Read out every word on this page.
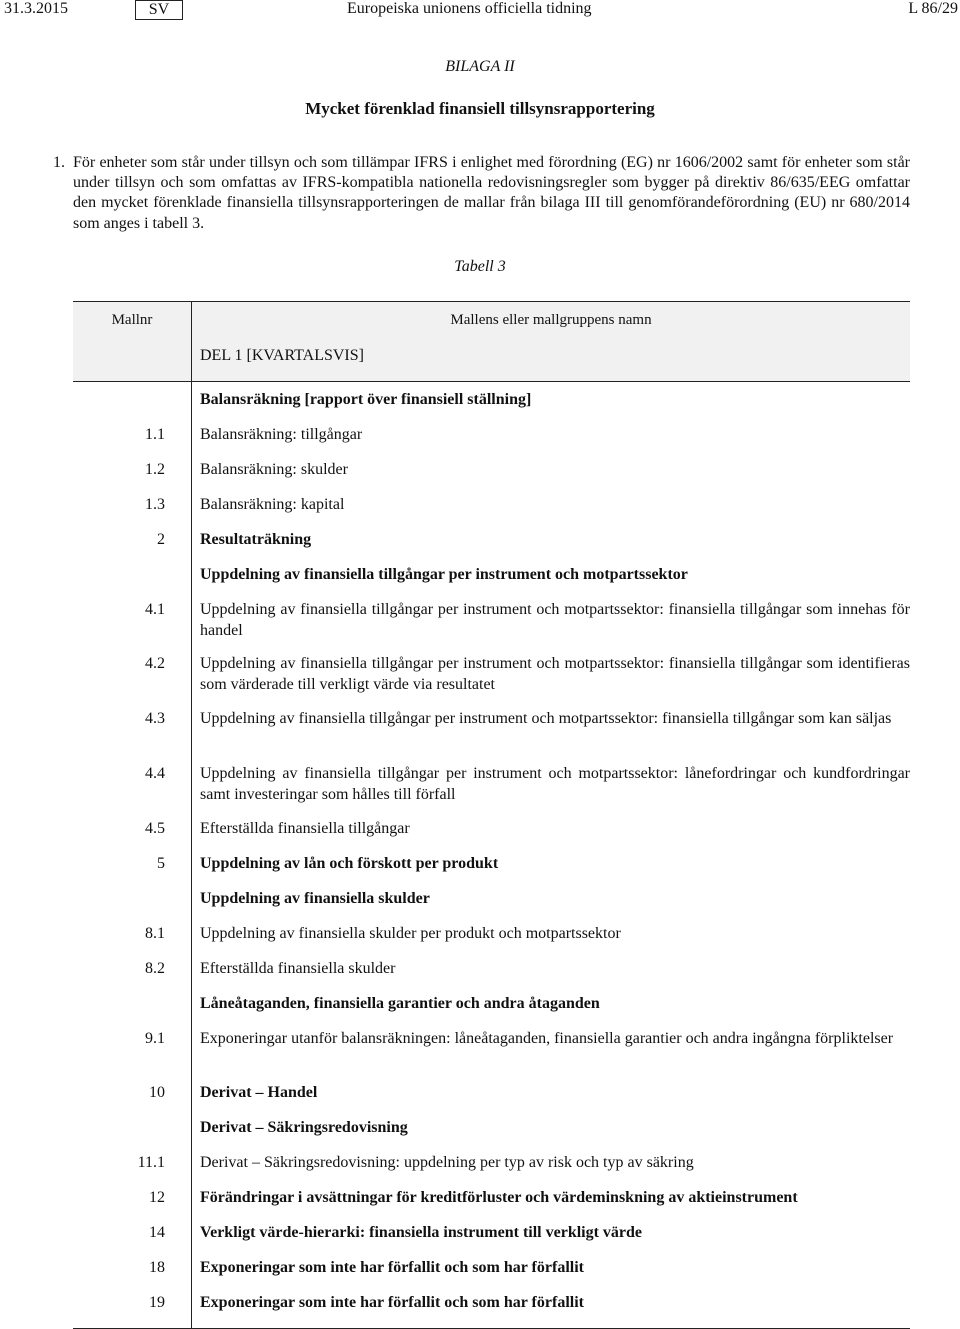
31.3.2015	SV	Europeiska unionens officiella tidning	L 86/29
BILAGA II
Mycket förenklad finansiell tillsynsrapportering
1. För enheter som står under tillsyn och som tillämpar IFRS i enlighet med förordning (EG) nr 1606/2002 samt för enheter som står under tillsyn och som omfattas av IFRS-kompatibla nationella redovisningsregler som bygger på direktiv 86/635/EEG omfattar den mycket förenklade finansiella tillsynsrapporteringen de mallar från bilaga III till genomförandeförordning (EU) nr 680/2014 som anges i tabell 3.
Tabell 3
Mallnr	Mallens eller mallgruppens namn
DEL 1 [KVARTALSVIS]
Balansräkning [rapport över finansiell ställning]
1.1 Balansräkning: tillgångar
1.2 Balansräkning: skulder
1.3 Balansräkning: kapital
2 Resultaträkning
Uppdelning av finansiella tillgångar per instrument och motpartssektor
4.1 Uppdelning av finansiella tillgångar per instrument och motpartssektor: finansiella tillgångar som innehas för handel
4.2 Uppdelning av finansiella tillgångar per instrument och motpartssektor: finansiella tillgångar som identifieras som värderade till verkligt värde via resultatet
4.3 Uppdelning av finansiella tillgångar per instrument och motpartssektor: finansiella tillgångar som kan säljas
4.4 Uppdelning av finansiella tillgångar per instrument och motpartssektor: lånefordringar och kundfordringar samt investeringar som hålles till förfall
4.5 Efterställda finansiella tillgångar
5 Uppdelning av lån och förskott per produkt
Uppdelning av finansiella skulder
8.1 Uppdelning av finansiella skulder per produkt och motpartssektor
8.2 Efterställda finansiella skulder
Låneåtaganden, finansiella garantier och andra åtaganden
9.1 Exponeringar utanför balansräkningen: låneåtaganden, finansiella garantier och andra ingångna förpliktelser
10 Derivat – Handel
Derivat – Säkringsredovisning
11.1 Derivat – Säkringsredovisning: uppdelning per typ av risk och typ av säkring
12 Förändringar i avsättningar för kreditförluster och värdeminskning av aktieinstrument
14 Verkligt värde-hierarki: finansiella instrument till verkligt värde
18 Exponeringar som inte har förfallit och som har förfallit
19 Exponeringar som inte har förfallit och som har förfallit
